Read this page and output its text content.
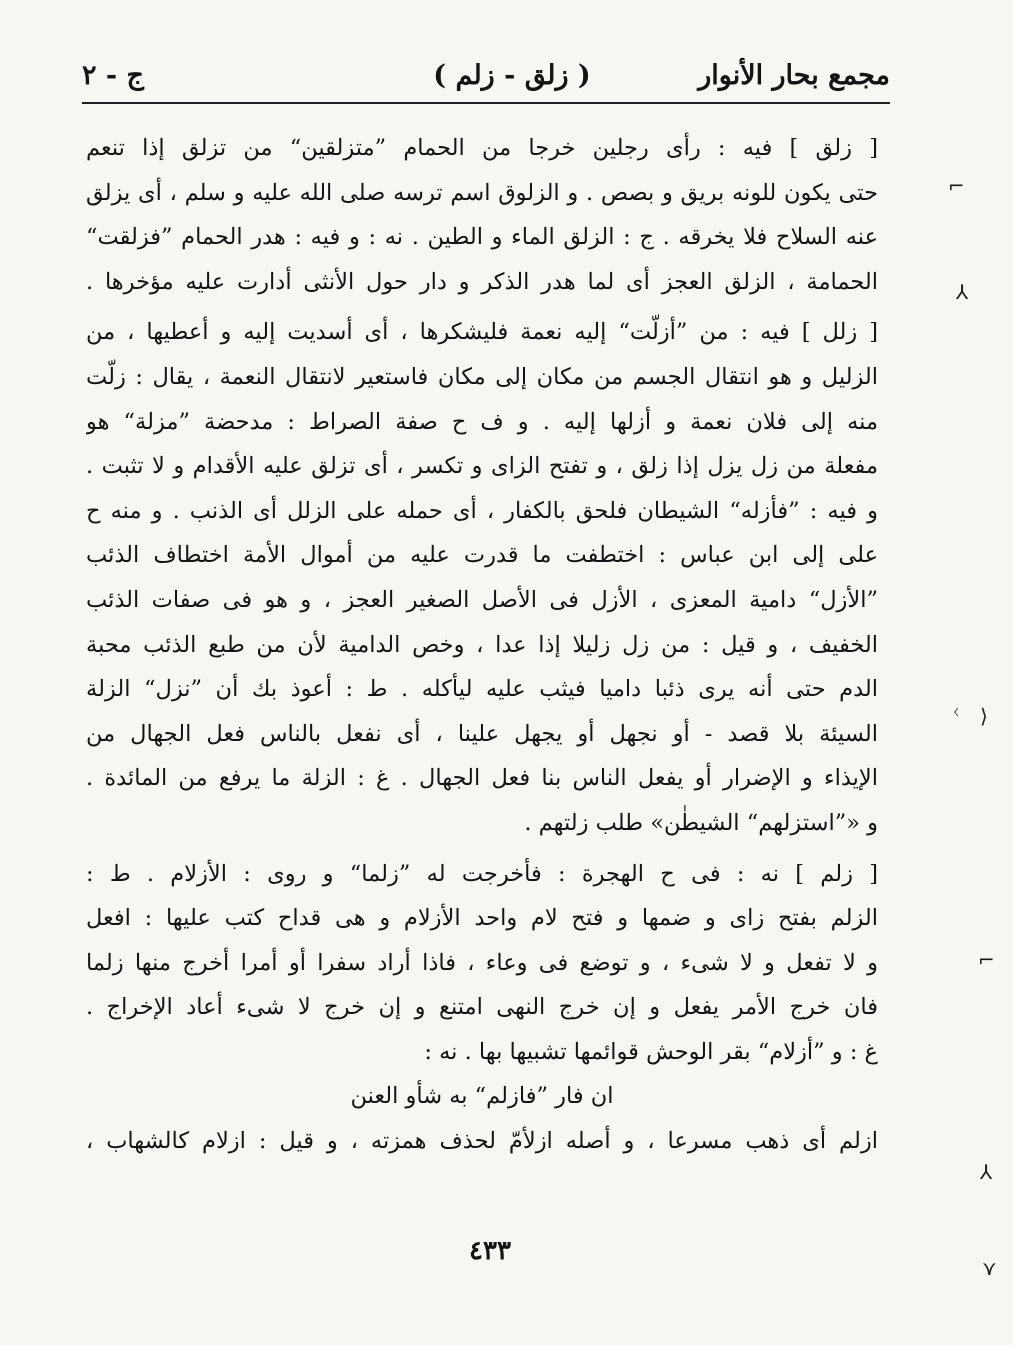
مجمع بحار الأنوار
( زلق - زلم )
ج - ٢
[ زلق ] فيه : رأى رجلين خرجا من الحمام ”متزلقين“ من تزلق إذا تنعم
حتى يكون للونه بريق و بصص . و الزلوق اسم ترسه صلى الله عليه و سلم ، أى يزلق
عنه السلاح فلا يخرقه . ج : الزلق الماء و الطين . نه : و فيه : هدر الحمام ”فزلقت“
الحمامة ، الزلق العجز أى لما هدر الذكر و دار حول الأنثى أدارت عليه مؤخرها .
[ زلل ] فيه : من ”أزلّت“ إليه نعمة فليشكرها ، أى أسديت إليه و أعطيها ، من
الزليل و هو انتقال الجسم من مكان إلى مكان فاستعير لانتقال النعمة ، يقال : زلّت
منه إلى فلان نعمة و أزلها إليه . و ف ح صفة الصراط : مدحضة ”مزلة“ هو
مفعلة من زل يزل إذا زلق ، و تفتح الزاى و تكسر ، أى تزلق عليه الأقدام و لا تثبت .
و فيه : ”فأزله“ الشيطان فلحق بالكفار ، أى حمله على الزلل أى الذنب . و منه ح
على إلى ابن عباس : اختطفت ما قدرت عليه من أموال الأمة اختطاف الذئب
”الأزل“ دامية المعزى ، الأزل فى الأصل الصغير العجز ، و هو فى صفات الذئب
الخفيف ، و قيل : من زل زليلا إذا عدا ، وخص الدامية لأن من طبع الذئب محبة
الدم حتى أنه يرى ذئبا داميا فيثب عليه ليأكله . ط : أعوذ بك أن ”نزل“ الزلة
السيئة بلا قصد - أو نجهل أو يجهل علينا ، أى نفعل بالناس فعل الجهال من
الإيذاء و الإضرار أو يفعل الناس بنا فعل الجهال . غ : الزلة ما يرفع من المائدة .
و «”استزلهم“ الشيطٰن» طلب زلتهم .
[ زلم ] نه : فى ح الهجرة : فأخرجت له ”زلما“ و روى : الأزلام . ط :
الزلم بفتح زاى و ضمها و فتح لام واحد الأزلام و هى قداح كتب عليها : افعل
و لا تفعل و لا شىء ، و توضع فى وعاء ، فاذا أراد سفرا أو أمرا أخرج منها زلما
فان خرج الأمر يفعل و إن خرج النهى امتنع و إن خرج لا شىء أعاد الإخراج .
غ : و ”أزلام“ بقر الوحش قوائمها تشبيها بها . نه :
ان فار ”فازلم“ به شأو العنن
ازلم أى ذهب مسرعا ، و أصله ازلأمّ لحذف همزته ، و قيل : ازلام كالشهاب ،
٤٣٣
⌐
⅄
ᚲ ⟩
⌐
⅄
⋎
